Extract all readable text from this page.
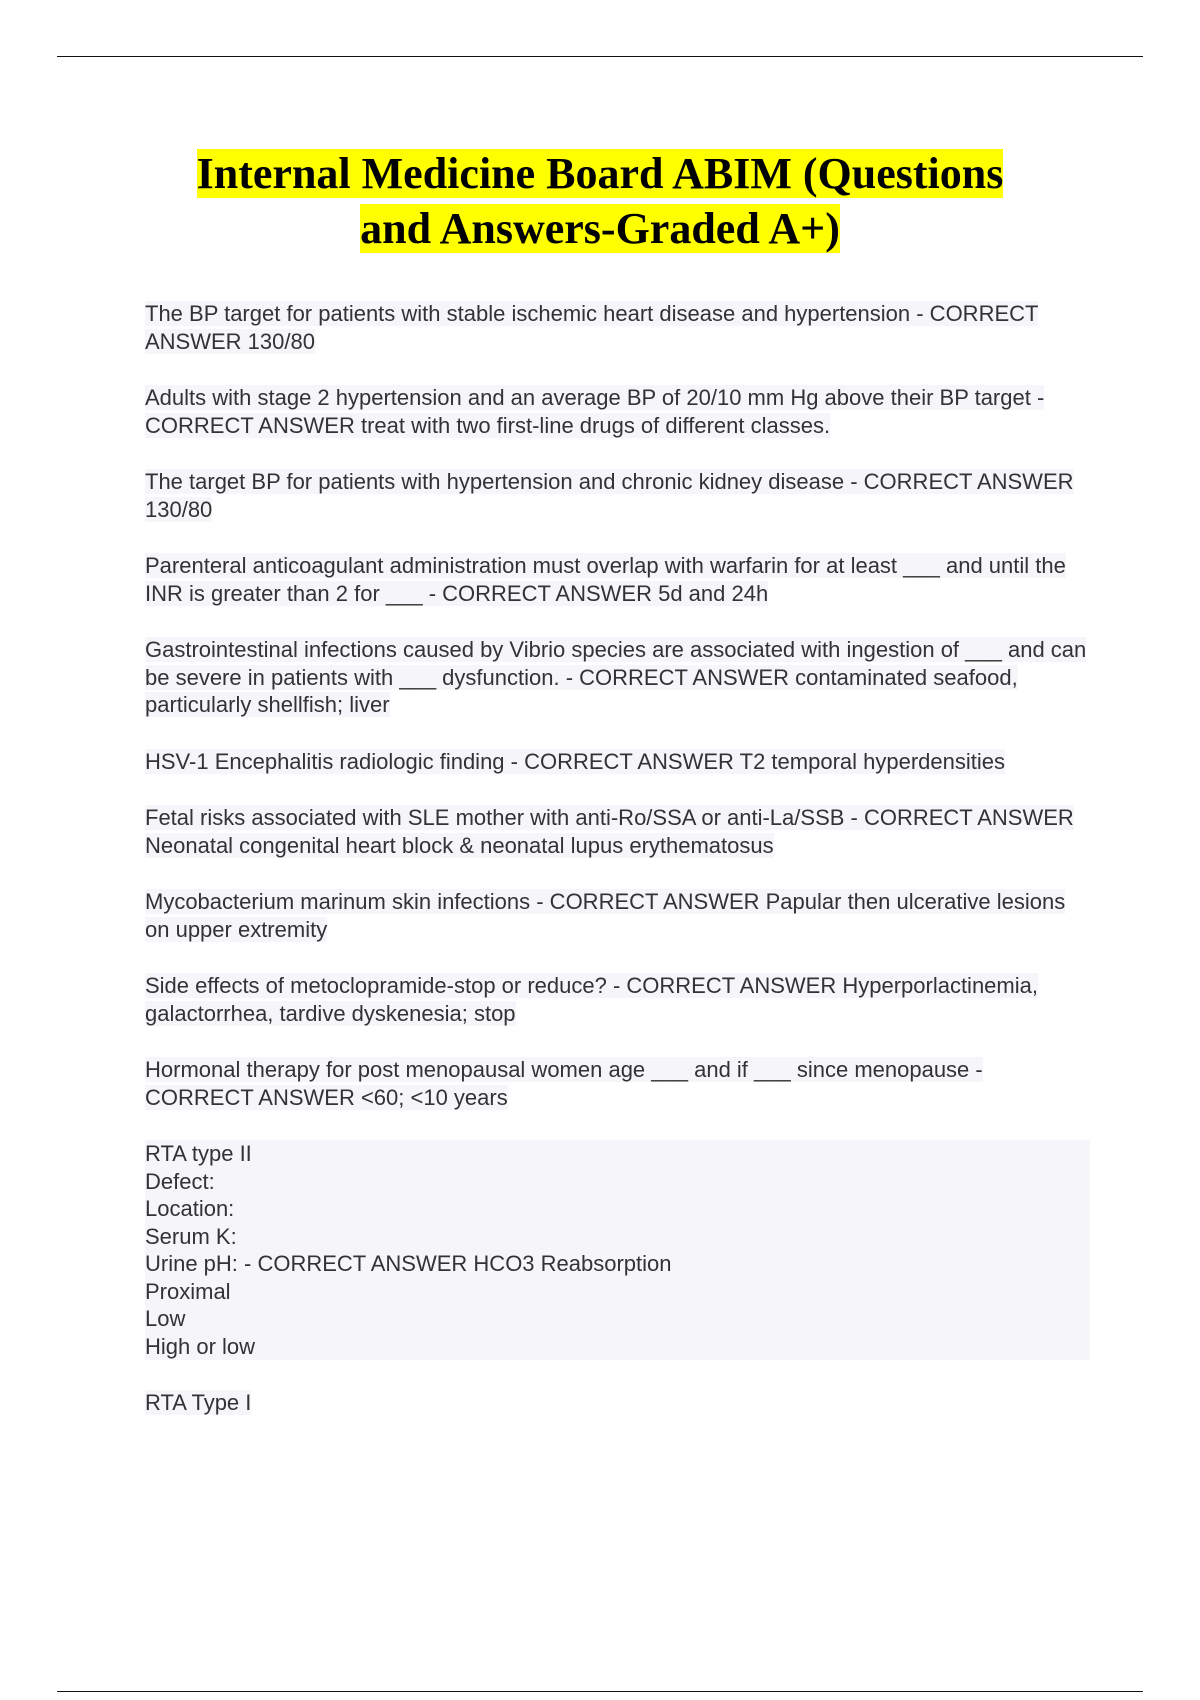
Internal Medicine Board ABIM (Questions
and Answers-Graded A+)

The BP target for patients with stable ischemic heart disease and hypertension - CORRECT ANSWER 130/80

Adults with stage 2 hypertension and an average BP of 20/10 mm Hg above their BP target - CORRECT ANSWER treat with two first-line drugs of different classes.

The target BP for patients with hypertension and chronic kidney disease - CORRECT ANSWER 130/80

Parenteral anticoagulant administration must overlap with warfarin for at least ___ and until the INR is greater than 2 for ___ - CORRECT ANSWER 5d and 24h

Gastrointestinal infections caused by Vibrio species are associated with ingestion of ___ and can be severe in patients with ___ dysfunction. - CORRECT ANSWER contaminated seafood, particularly shellfish; liver

HSV-1 Encephalitis radiologic finding - CORRECT ANSWER T2 temporal hyperdensities

Fetal risks associated with SLE mother with anti-Ro/SSA or anti-La/SSB - CORRECT ANSWER Neonatal congenital heart block & neonatal lupus erythematosus

Mycobacterium marinum skin infections - CORRECT ANSWER Papular then ulcerative lesions on upper extremity

Side effects of metoclopramide-stop or reduce? - CORRECT ANSWER Hyperporlactinemia, galactorrhea, tardive dyskenesia; stop

Hormonal therapy for post menopausal women age ___ and if ___ since menopause - CORRECT ANSWER <60; <10 years

RTA type II
Defect:
Location:
Serum K:
Urine pH: - CORRECT ANSWER HCO3 Reabsorption
Proximal
Low
High or low

RTA Type I
